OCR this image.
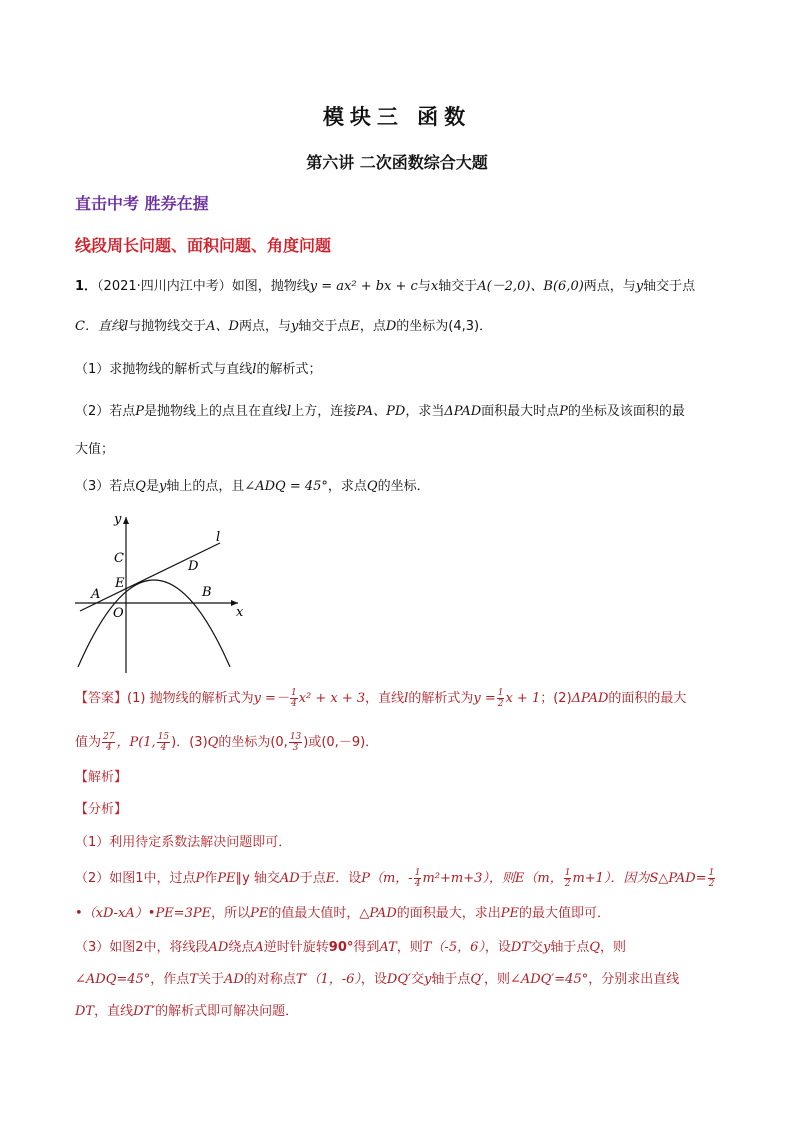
模块三 函数
第六讲 二次函数综合大题
直击中考 胜券在握
线段周长问题、面积问题、角度问题
1．（2021·四川内江中考）如图，抛物线y = ax² + bx + c与x轴交于A(－2,0)、B(6,0)两点，与y轴交于点
C．直线l与抛物线交于A、D两点，与y轴交于点E，点D的坐标为(4,3)．
（1）求抛物线的解析式与直线l的解析式；
（2）若点P是抛物线上的点且在直线l上方，连接PA、PD，求当ΔPAD面积最大时点P的坐标及该面积的最
大值；
（3）若点Q是y轴上的点，且∠ADQ = 45°，求点Q的坐标．
y
x
l
C
D
E
A	B
O
【答案】(1) 抛物线的解析式为$y =- \frac{1}{4} x^2 + x + 3$，直线l的解析式为$y = \frac{1}{2}$ x + 1；(2)ΔPAD的面积的最大
值为 $\frac{27}{4}$ ，P(1, $\frac{15}{4}$ )．(3)Q的坐标为(0, $\frac{13}{3}$ )或(0,－9)．
【解析】
【分析】
（1）利用待定系数法解决问题即可．
（2）如图1中，过点P作PE∥y 轴交AD于点E．设P（m，- $\frac{1}{4} m^2+m+3$），则E（m， $\frac{1}{2} m+1$）．因为S△PAD= $\frac{1}{2}$
•（xD-xA）•PE=3PE，所以PE的值最大值时，△PAD的面积最大，求出PE的最大值即可．
（3）如图2中，将线段AD绕点A逆时针旋转90°得到AT，则T（-5，6），设DT交y轴于点Q，则
∠ADQ=45°，作点T关于AD的对称点T′（1，-6），设DQ′交y轴于点Q′，则∠ADQ′=45°，分别求出直线
DT，直线DT′的解析式即可解决问题．
